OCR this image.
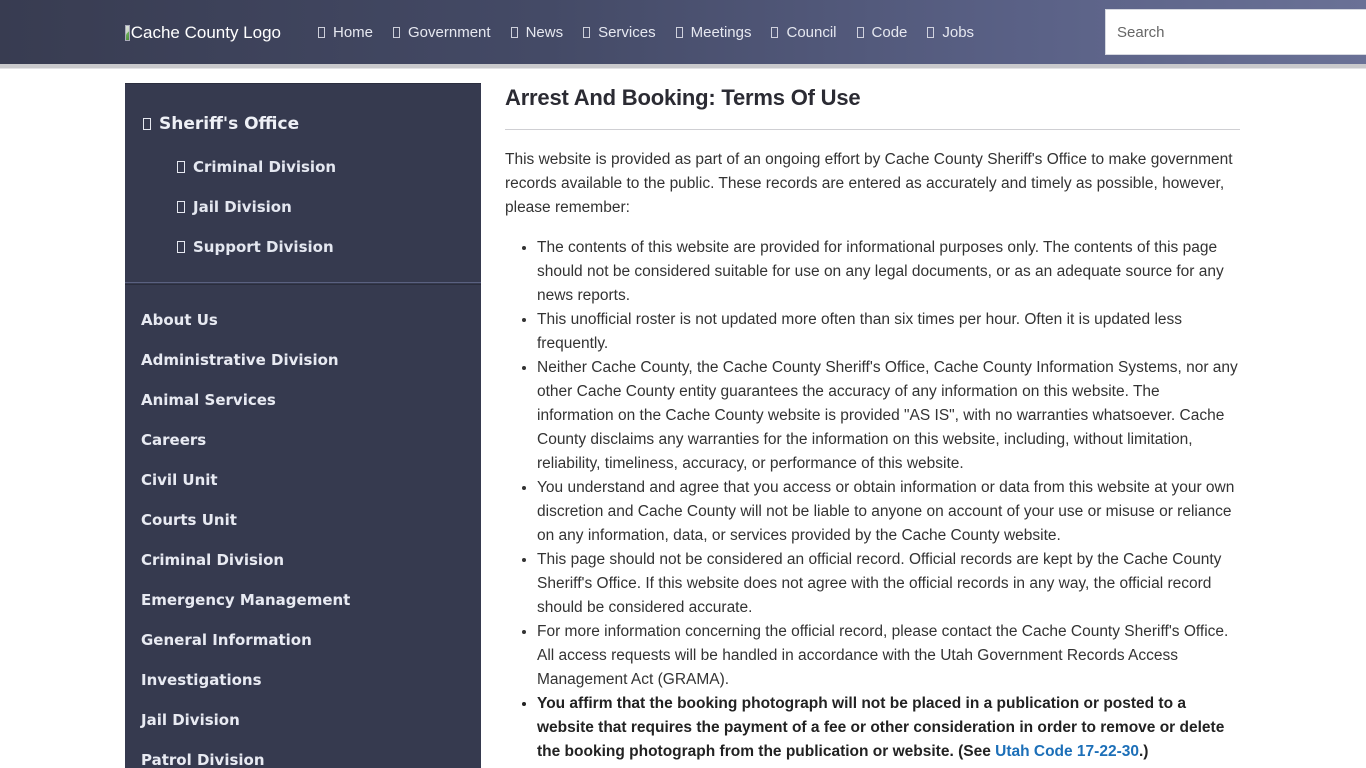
Cache County Logo	Home Government News Services Meetings Council Code Jobs
Search
Sheriff's Office
Criminal Division
Jail Division
Support Division
About Us
Administrative Division
Animal Services
Careers
Civil Unit
Courts Unit
Criminal Division
Emergency Management
General Information
Investigations
Jail Division
Patrol Division
Arrest And Booking: Terms Of Use

This website is provided as part of an ongoing effort by Cache County Sheriff's Office to make government records available to the public. These records are entered as accurately and timely as possible, however, please remember:

• The contents of this website are provided for informational purposes only. The contents of this page should not be considered suitable for use on any legal documents, or as an adequate source for any news reports.
• This unofficial roster is not updated more often than six times per hour. Often it is updated less frequently.
• Neither Cache County, the Cache County Sheriff's Office, Cache County Information Systems, nor any other Cache County entity guarantees the accuracy of any information on this website. The information on the Cache County website is provided "AS IS", with no warranties whatsoever. Cache County disclaims any warranties for the information on this website, including, without limitation, reliability, timeliness, accuracy, or performance of this website.
• You understand and agree that you access or obtain information or data from this website at your own discretion and Cache County will not be liable to anyone on account of your use or misuse or reliance on any information, data, or services provided by the Cache County website.
• This page should not be considered an official record. Official records are kept by the Cache County Sheriff's Office. If this website does not agree with the official records in any way, the official record should be considered accurate.
• For more information concerning the official record, please contact the Cache County Sheriff's Office. All access requests will be handled in accordance with the Utah Government Records Access Management Act (GRAMA).
• You affirm that the booking photograph will not be placed in a publication or posted to a website that requires the payment of a fee or other consideration in order to remove or delete the booking photograph from the publication or website. (See Utah Code 17-22-30.)
